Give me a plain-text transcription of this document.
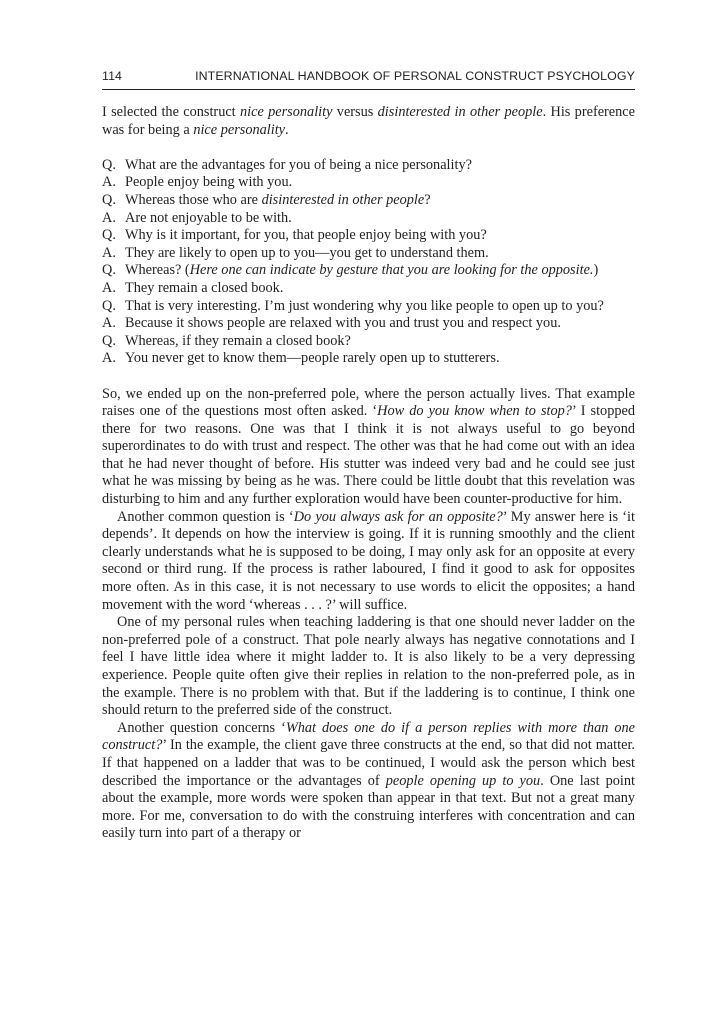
114	INTERNATIONAL HANDBOOK OF PERSONAL CONSTRUCT PSYCHOLOGY

I selected the construct nice personality versus disinterested in other people. His preference was for being a nice personality.

Q. What are the advantages for you of being a nice personality?
A. People enjoy being with you.
Q. Whereas those who are disinterested in other people?
A. Are not enjoyable to be with.
Q. Why is it important, for you, that people enjoy being with you?
A. They are likely to open up to you—you get to understand them.
Q. Whereas? (Here one can indicate by gesture that you are looking for the opposite.)
A. They remain a closed book.
Q. That is very interesting. I’m just wondering why you like people to open up to you?
A. Because it shows people are relaxed with you and trust you and respect you.
Q. Whereas, if they remain a closed book?
A. You never get to know them—people rarely open up to stutterers.

So, we ended up on the non-preferred pole, where the person actually lives. That example raises one of the questions most often asked. ‘How do you know when to stop?’ I stopped there for two reasons. One was that I think it is not always useful to go beyond superordinates to do with trust and respect. The other was that he had come out with an idea that he had never thought of before. His stutter was indeed very bad and he could see just what he was missing by being as he was. There could be little doubt that this revelation was disturbing to him and any further exploration would have been counter-productive for him.

Another common question is ‘Do you always ask for an opposite?’ My answer here is ‘it depends’. It depends on how the interview is going. If it is running smoothly and the client clearly understands what he is supposed to be doing, I may only ask for an opposite at every second or third rung. If the process is rather laboured, I find it good to ask for opposites more often. As in this case, it is not necessary to use words to elicit the opposites; a hand movement with the word ‘whereas . . . ?’ will suffice.

One of my personal rules when teaching laddering is that one should never ladder on the non-preferred pole of a construct. That pole nearly always has negative connotations and I feel I have little idea where it might ladder to. It is also likely to be a very depressing experience. People quite often give their replies in relation to the non-preferred pole, as in the example. There is no problem with that. But if the laddering is to continue, I think one should return to the preferred side of the construct.

Another question concerns ‘What does one do if a person replies with more than one construct?’ In the example, the client gave three constructs at the end, so that did not matter. If that happened on a ladder that was to be continued, I would ask the person which best described the importance or the advantages of people opening up to you. One last point about the example, more words were spoken than appear in that text. But not a great many more. For me, conversation to do with the construing interferes with concentration and can easily turn into part of a therapy or
